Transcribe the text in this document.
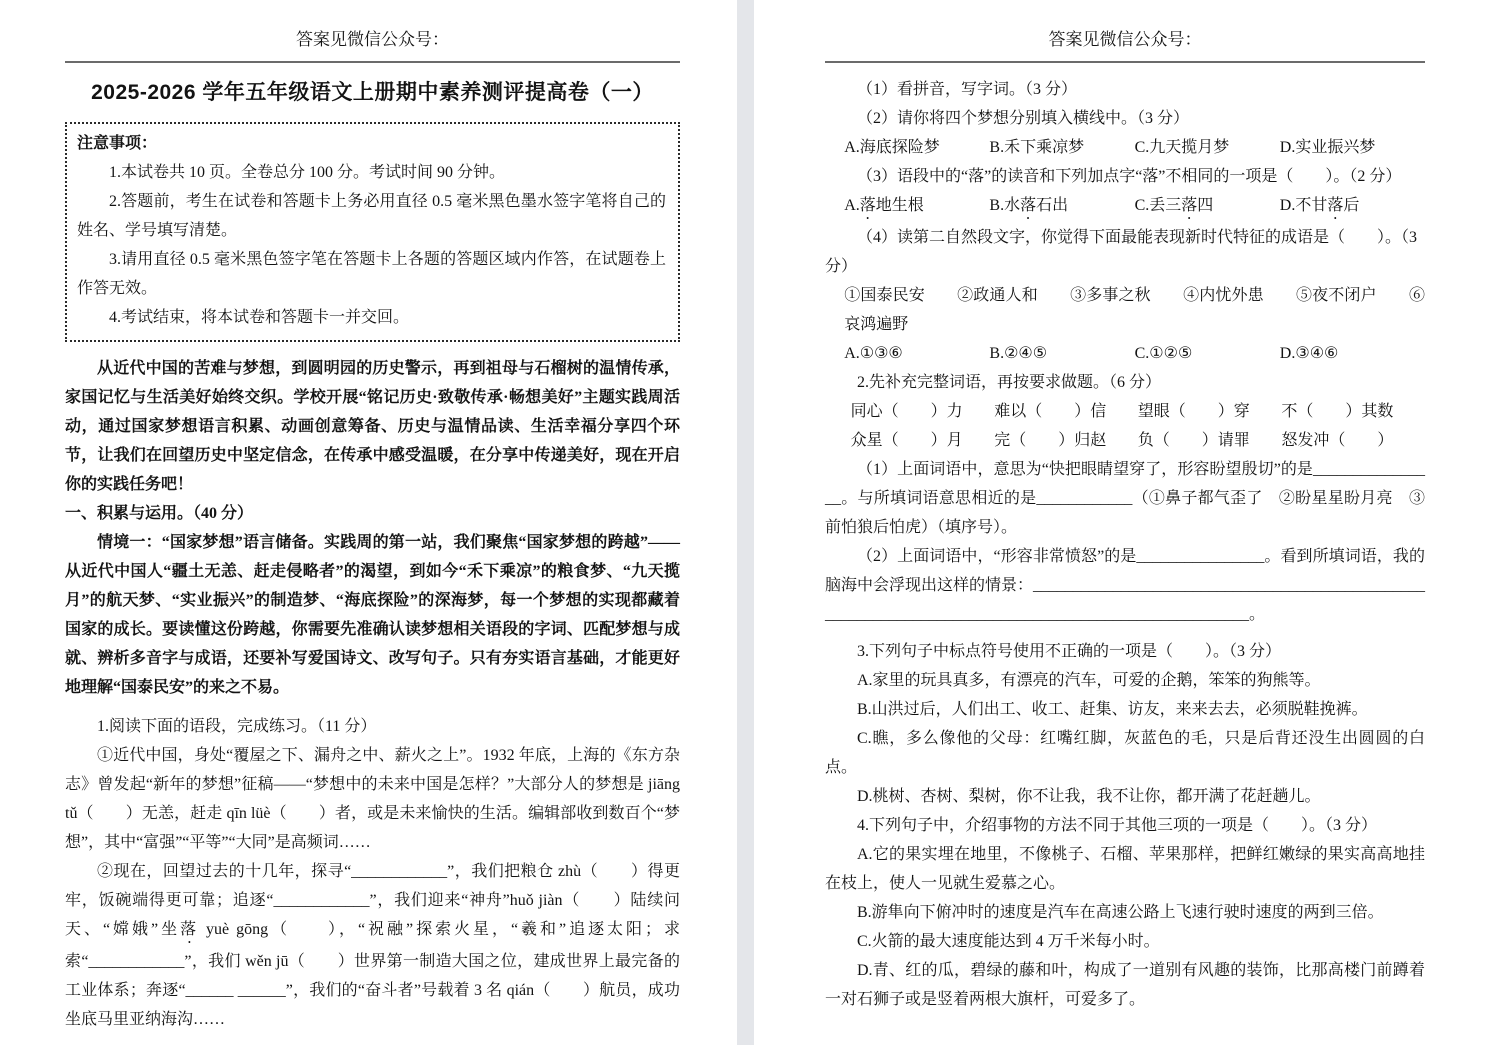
答案见微信公众号：
2025-2026 学年五年级语文上册期中素养测评提高卷（一）

注意事项：

1.本试卷共 10 页。全卷总分 100 分。考试时间 90 分钟。

2.答题前，考生在试卷和答题卡上务必用直径 0.5 毫米黑色墨水签字笔将自己的姓名、学号填写清楚。

3.请用直径 0.5 毫米黑色签字笔在答题卡上各题的答题区域内作答，在试题卷上作答无效。

4.考试结束，将本试卷和答题卡一并交回。

从近代中国的苦难与梦想，到圆明园的历史警示，再到祖母与石榴树的温情传承，家国记忆与生活美好始终交织。学校开展“铭记历史·致敬传承·畅想美好”主题实践周活动，通过国家梦想语言积累、动画创意筹备、历史与温情品读、生活幸福分享四个环节，让我们在回望历史中坚定信念，在传承中感受温暖，在分享中传递美好，现在开启你的实践任务吧！

一、积累与运用。（40 分）

情境一：“国家梦想”语言储备。实践周的第一站，我们聚焦“国家梦想的跨越”——从近代中国人“疆土无恙、赶走侵略者”的渴望，到如今“禾下乘凉”的粮食梦、“九天揽月”的航天梦、“实业振兴”的制造梦、“海底探险”的深海梦，每一个梦想的实现都藏着国家的成长。要读懂这份跨越，你需要先准确认读梦想相关语段的字词、匹配梦想与成就、辨析多音字与成语，还要补写爱国诗文、改写句子。只有夯实语言基础，才能更好地理解“国泰民安”的来之不易。

1.阅读下面的语段，完成练习。（11 分）

①近代中国，身处“覆屋之下、漏舟之中、薪火之上”。1932 年底，上海的《东方杂志》曾发起“新年的梦想”征稿——“梦想中的未来中国是怎样？”大部分人的梦想是 jiāng tǔ（　　）无恙，赶走 qīn lüè（　　）者，或是未来愉快的生活。编辑部收到数百个“梦想”，其中“富强”“平等”“大同”是高频词……

②现在，回望过去的十几年，探寻“____________”，我们把粮仓 zhù（　　）得更牢，饭碗端得更可靠；追逐“____________”，我们迎来“神舟”huǒ jiàn（　　）陆续问天、“嫦娥”坐落 yuè gōng（　　），“祝融”探索火星，“羲和”追逐太阳；求索“____________”，我们 wěn jū（　　）世界第一制造大国之位，建成世界上最完备的工业体系；奔逐“______ ______”，我们的“奋斗者”号载着 3 名 qián（　　）航员，成功坐底马里亚纳海沟……

答案见微信公众号：

（1）看拼音，写字词。（3 分）

（2）请你将四个梦想分别填入横线中。（3 分）

A.海底探险梦	B.禾下乘凉梦	C.九天揽月梦	D.实业振兴梦

（3）语段中的“落”的读音和下列加点字“落”不相同的一项是（　　）。（2 分）

A.落地生根	B.水落石出	C.丢三落四	D.不甘落后

（4）读第二自然段文字，你觉得下面最能表现新时代特征的成语是（　　）。（3 分）

①国泰民安　　②政通人和　　③多事之秋　　④内忧外患　　⑤夜不闭户　　⑥哀鸿遍野

A.①③⑥	B.②④⑤	C.①②⑤	D.③④⑥

2.先补充完整词语，再按要求做题。（6 分）

同心（　　）力	难以（　　）信	望眼（　　）穿	不（　　）其数
众星（　　）月	完（　　）归赵	负（　　）请罪	怒发冲（　　）

（1）上面词语中，意思为“快把眼睛望穿了，形容盼望殷切”的是________________。与所填词语意思相近的是____________（①鼻子都气歪了　②盼星星盼月亮　③前怕狼后怕虎）（填序号）。

（2）上面词语中，“形容非常愤怒”的是________________。看到所填词语，我的脑海中会浮现出这样的情景：______________________________________________________________________________________________________。

3.下列句子中标点符号使用不正确的一项是（　　）。（3 分）

A.家里的玩具真多，有漂亮的汽车，可爱的企鹅，笨笨的狗熊等。

B.山洪过后，人们出工、收工、赶集、访友，来来去去，必须脱鞋挽裤。

C.瞧，多么像他的父母：红嘴红脚，灰蓝色的毛，只是后背还没生出圆圆的白点。

D.桃树、杏树、梨树，你不让我，我不让你，都开满了花赶趟儿。

4.下列句子中，介绍事物的方法不同于其他三项的一项是（　　）。（3 分）

A.它的果实埋在地里，不像桃子、石榴、苹果那样，把鲜红嫩绿的果实高高地挂在枝上，使人一见就生爱慕之心。

B.游隼向下俯冲时的速度是汽车在高速公路上飞速行驶时速度的两到三倍。

C.火箭的最大速度能达到 4 万千米每小时。

D.青、红的瓜，碧绿的藤和叶，构成了一道别有风趣的装饰，比那高楼门前蹲着一对石狮子或是竖着两根大旗杆，可爱多了。
